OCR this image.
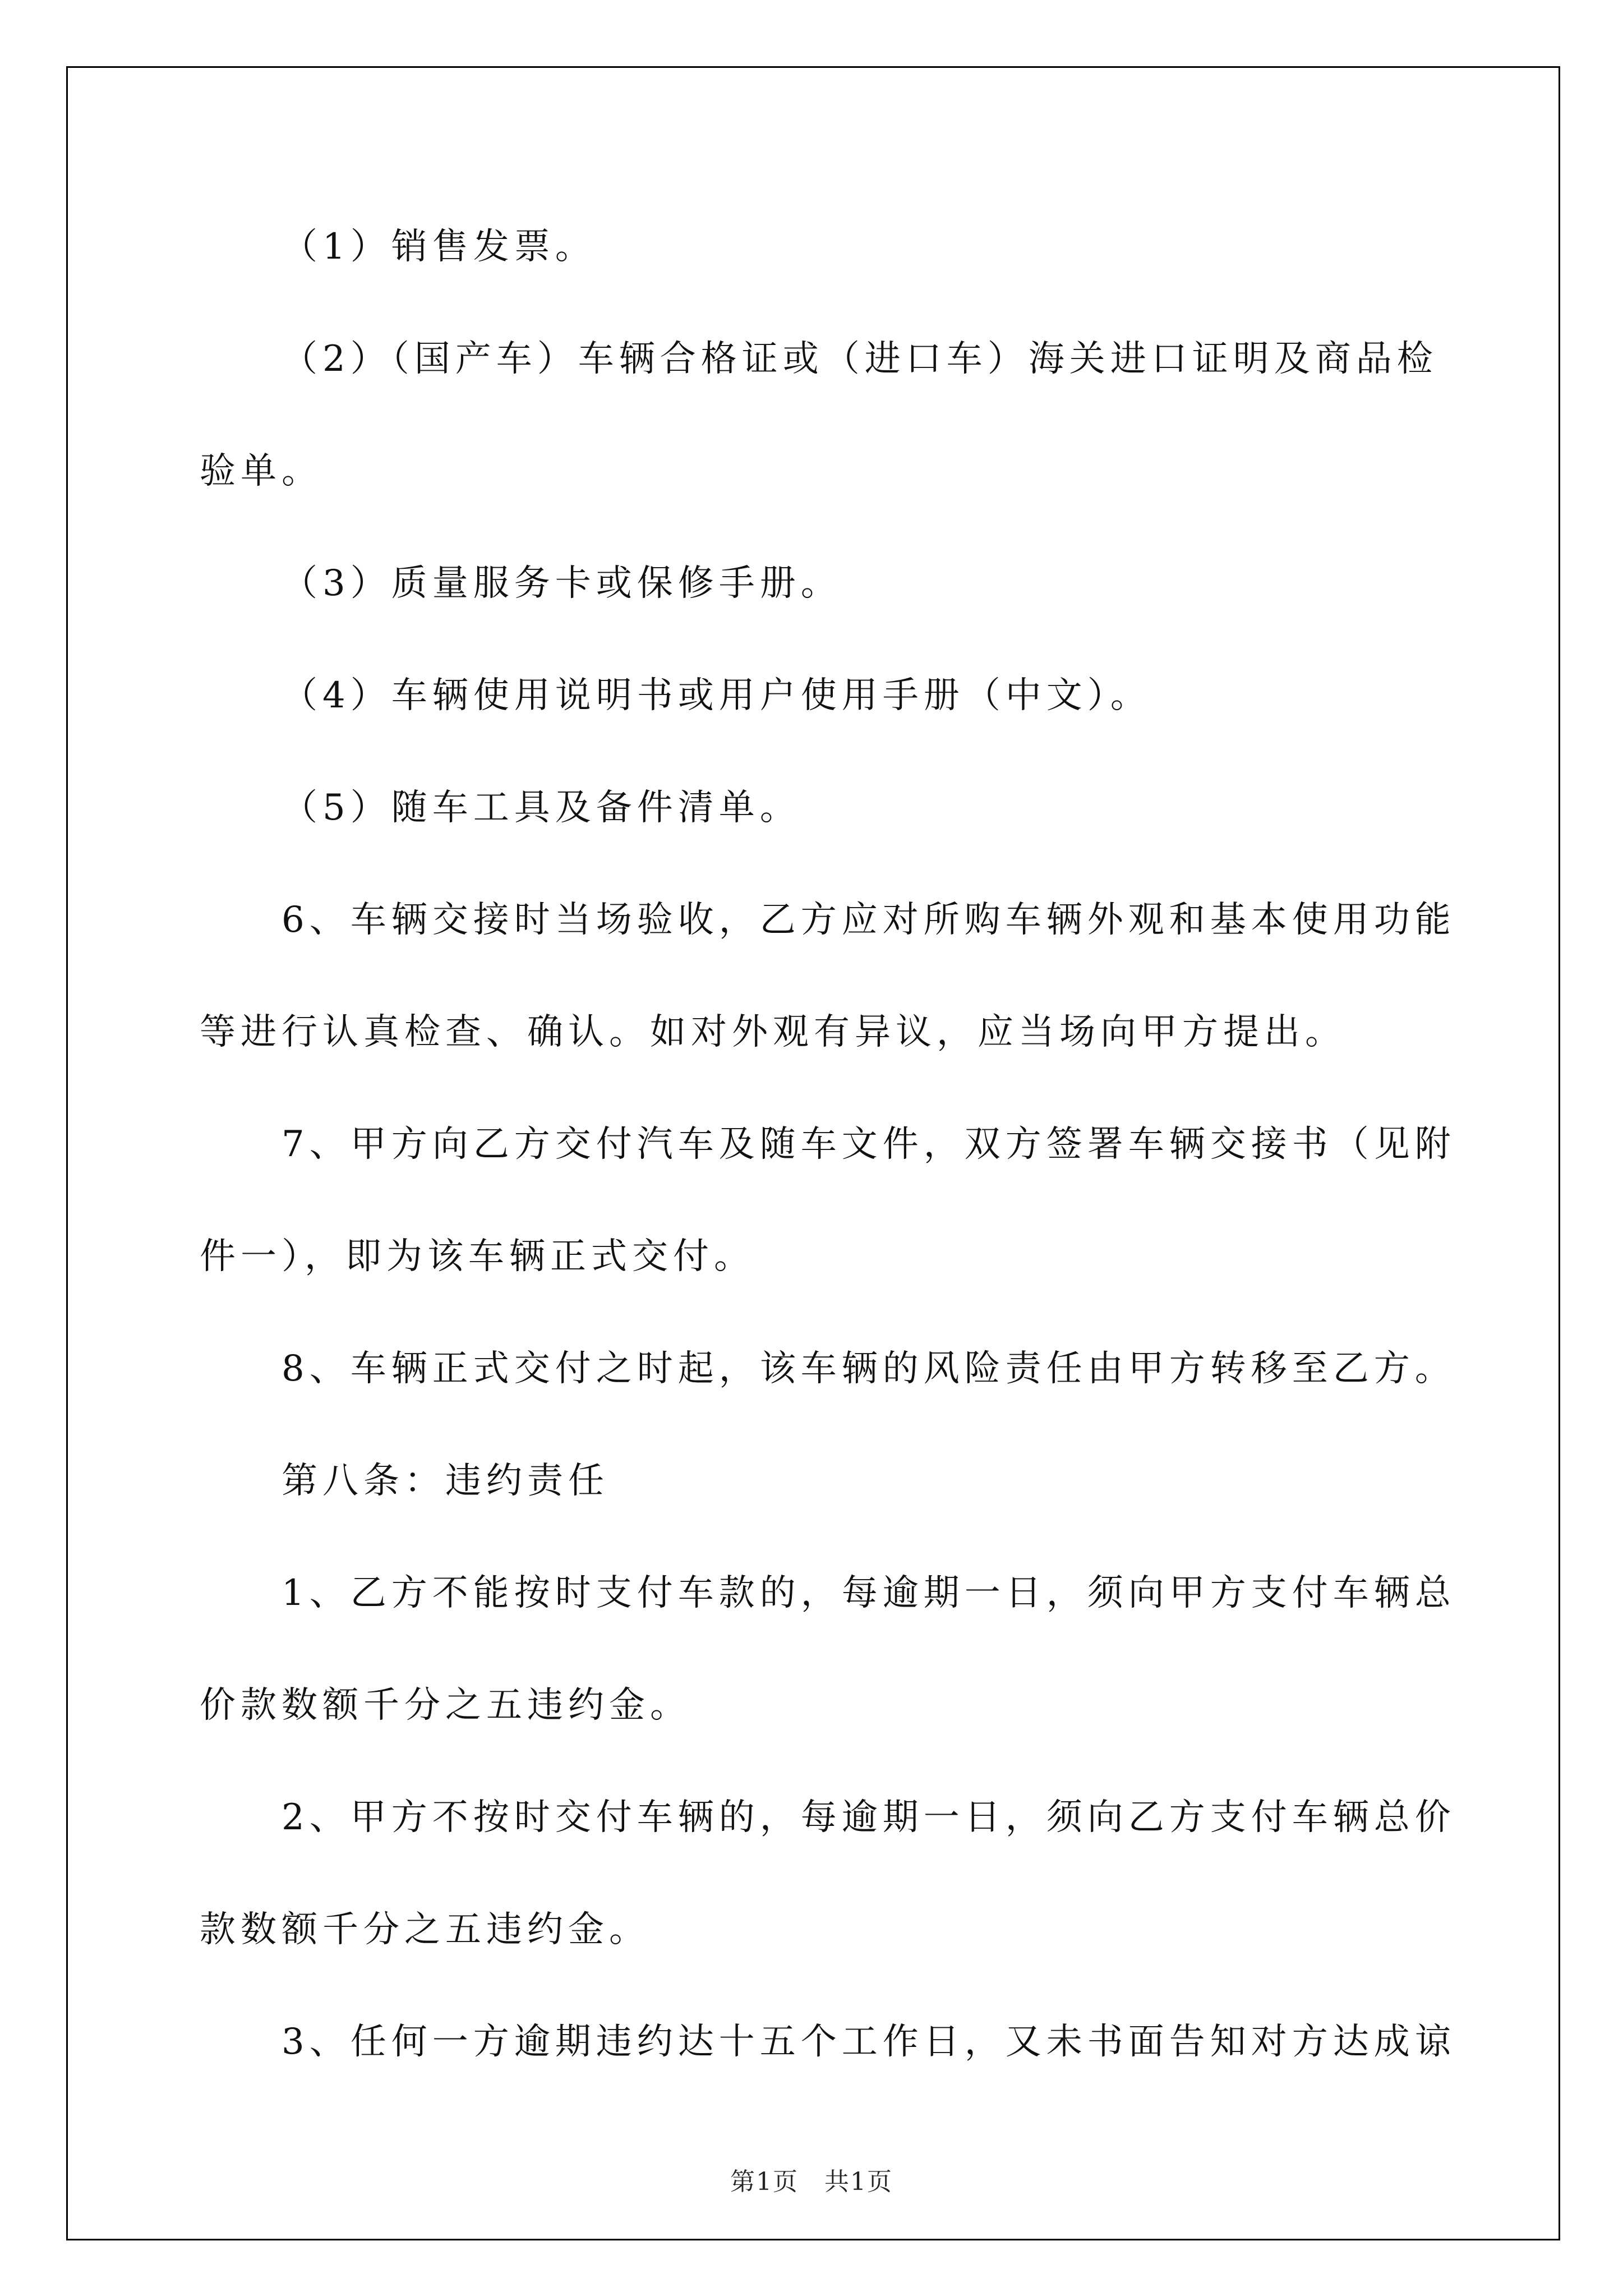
（1）销售发票。
（2）（国产车）车辆合格证或（进口车）海关进口证明及商品检
验单。
（3）质量服务卡或保修手册。
（4）车辆使用说明书或用户使用手册（中文）。
（5）随车工具及备件清单。
6、车辆交接时当场验收，乙方应对所购车辆外观和基本使用功能
等进行认真检查、确认。如对外观有异议，应当场向甲方提出。
7、甲方向乙方交付汽车及随车文件，双方签署车辆交接书（见附
件一），即为该车辆正式交付。
8、车辆正式交付之时起，该车辆的风险责任由甲方转移至乙方。
第八条：违约责任
1、乙方不能按时支付车款的，每逾期一日，须向甲方支付车辆总
价款数额千分之五违约金。
2、甲方不按时交付车辆的，每逾期一日，须向乙方支付车辆总价
款数额千分之五违约金。
3、任何一方逾期违约达十五个工作日，又未书面告知对方达成谅
第1页　共1页
